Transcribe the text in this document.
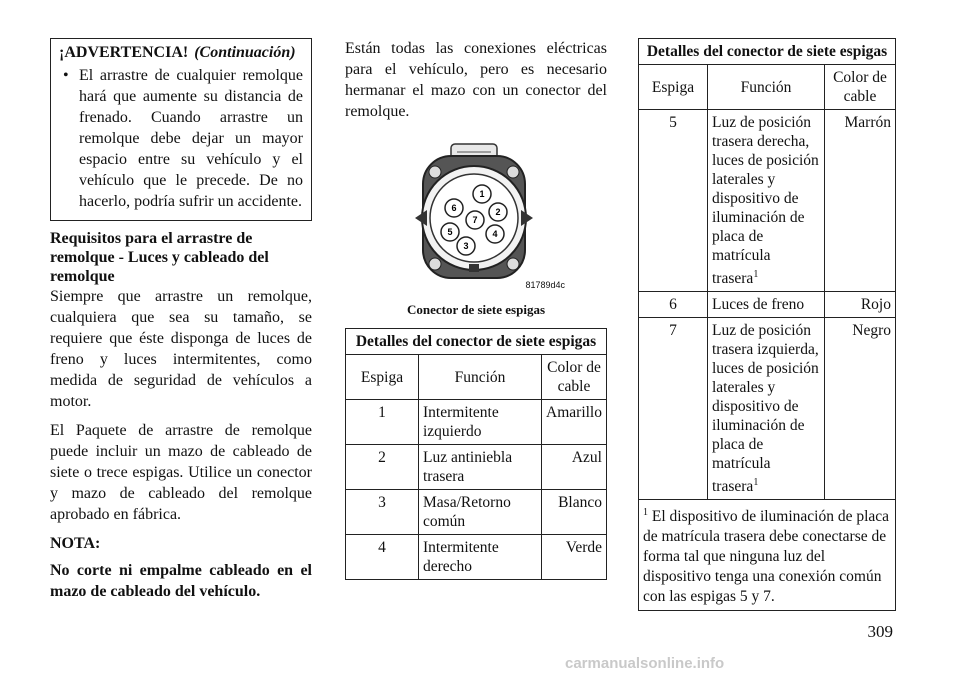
¡ADVERTENCIA! (Continuación)
• El arrastre de cualquier remolque hará que aumente su distancia de frenado. Cuando arrastre un remolque debe dejar un mayor espacio entre su vehículo y el vehículo que le precede. De no hacerlo, podría sufrir un accidente.
Requisitos para el arrastre de remolque - Luces y cableado del remolque

Siempre que arrastre un remolque, cualquiera que sea su tamaño, se requiere que éste disponga de luces de freno y luces intermitentes, como medida de seguridad de vehículos a motor.

El Paquete de arrastre de remolque puede incluir un mazo de cableado de siete o trece espigas. Utilice un conector y mazo de cableado del remolque aprobado en fábrica.

NOTA:
No corte ni empalme cableado en el mazo de cableado del vehículo.

Están todas las conexiones eléctricas para el vehículo, pero es necesario hermanar el mazo con un conector del remolque.

1
2
3
4
5
6
7
81789d4c
Conector de siete espigas
Detalles del conector de siete espigas		
Espiga	Función	Color de cable
1	Intermitente izquierdo	Amarillo
2	Luz antiniebla trasera	Azul
3	Masa/Retorno común	Blanco
4	Intermitente derecho	Verde
Detalles del conector de siete espigas		
Espiga	Función	Color de cable
5	Luz de posición trasera derecha, luces de posición laterales y dispositivo de iluminación de placa de matrícula trasera$^1$	Marrón
6	Luces de freno	Rojo
7	Luz de posición trasera izquierda, luces de posición laterales y dispositivo de iluminación de placa de matrícula trasera$^1$	Negro
$^1$ El dispositivo de iluminación de placa de matrícula trasera debe conectarse de forma tal que ninguna luz del dispositivo tenga una conexión común con las espigas 5 y 7.		
309
carmanualsonline.info
